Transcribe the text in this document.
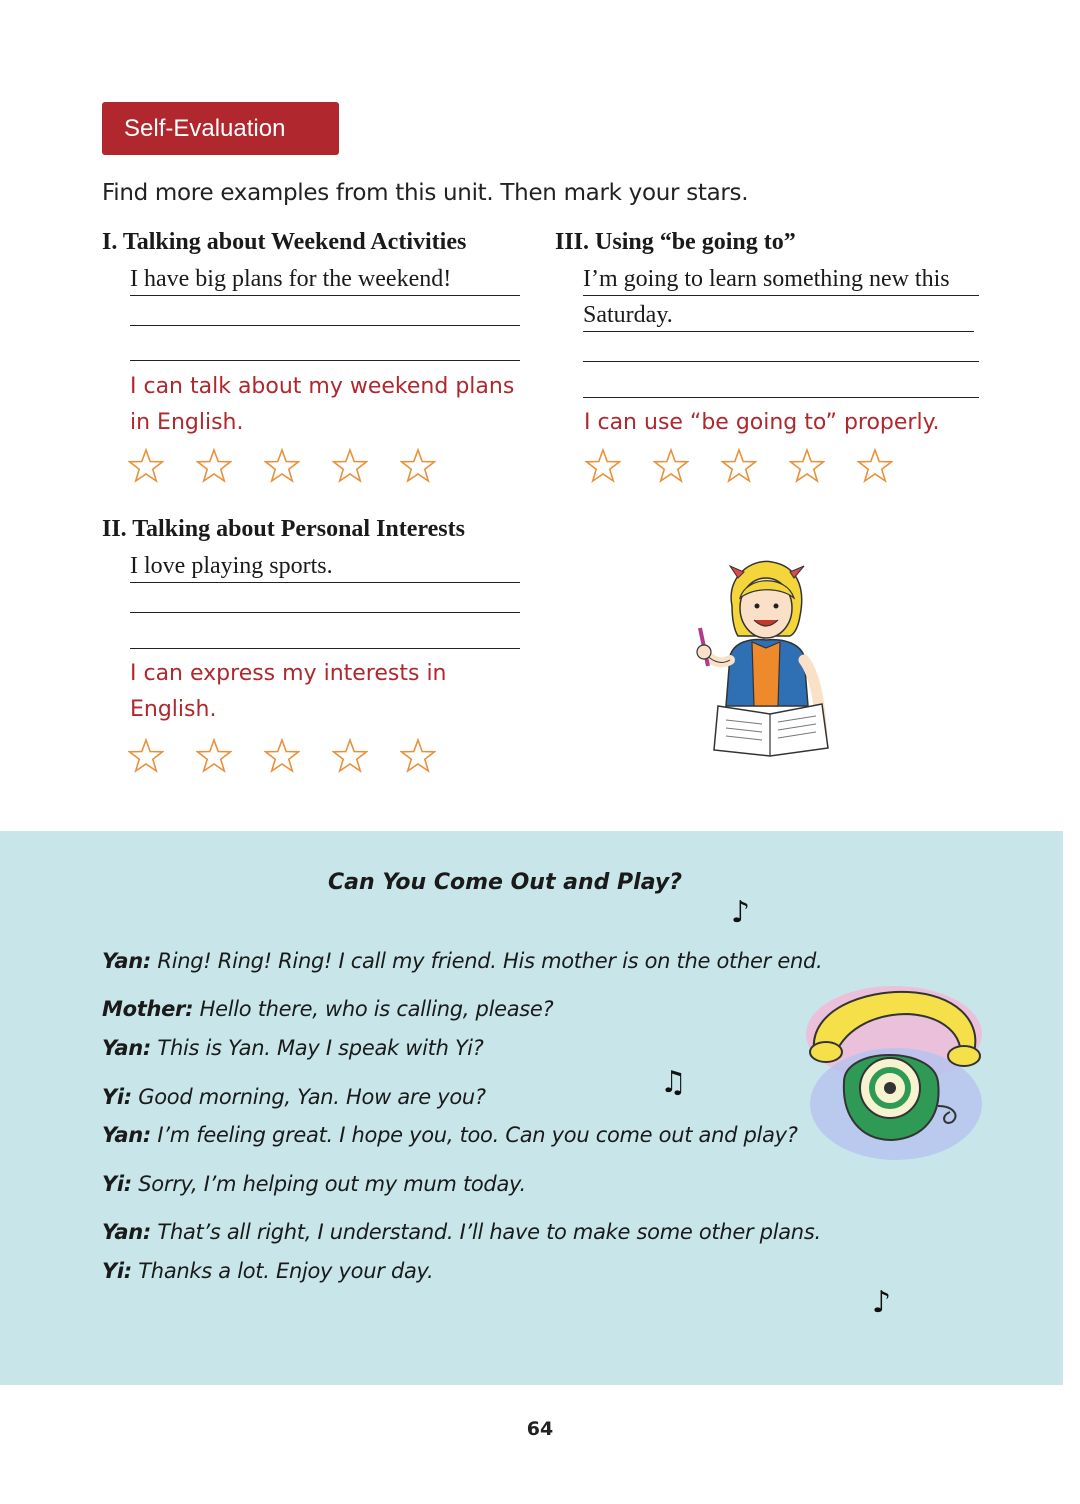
Self-Evaluation
Find more examples from this unit. Then mark your stars.
I. Talking about Weekend Activities
I have big plans for the weekend!
I can talk about my weekend plans
in English.
II. Talking about Personal Interests
I love playing sports.
I can express my interests in
English.
III. Using “be going to”
I’m going to learn something new this
Saturday.
I can use “be going to” properly.
Can You Come Out and Play?
Yan: Ring! Ring! Ring! I call my friend. His mother is on the other end.
Mother: Hello there, who is calling, please?
Yan: This is Yan. May I speak with Yi?
Yi: Good morning, Yan. How are you?
Yan: I’m feeling great. I hope you, too. Can you come out and play?
Yi: Sorry, I’m helping out my mum today.
Yan: That’s all right, I understand. I’ll have to make some other plans.
Yi: Thanks a lot. Enjoy your day.
♪
♫
♪
64
